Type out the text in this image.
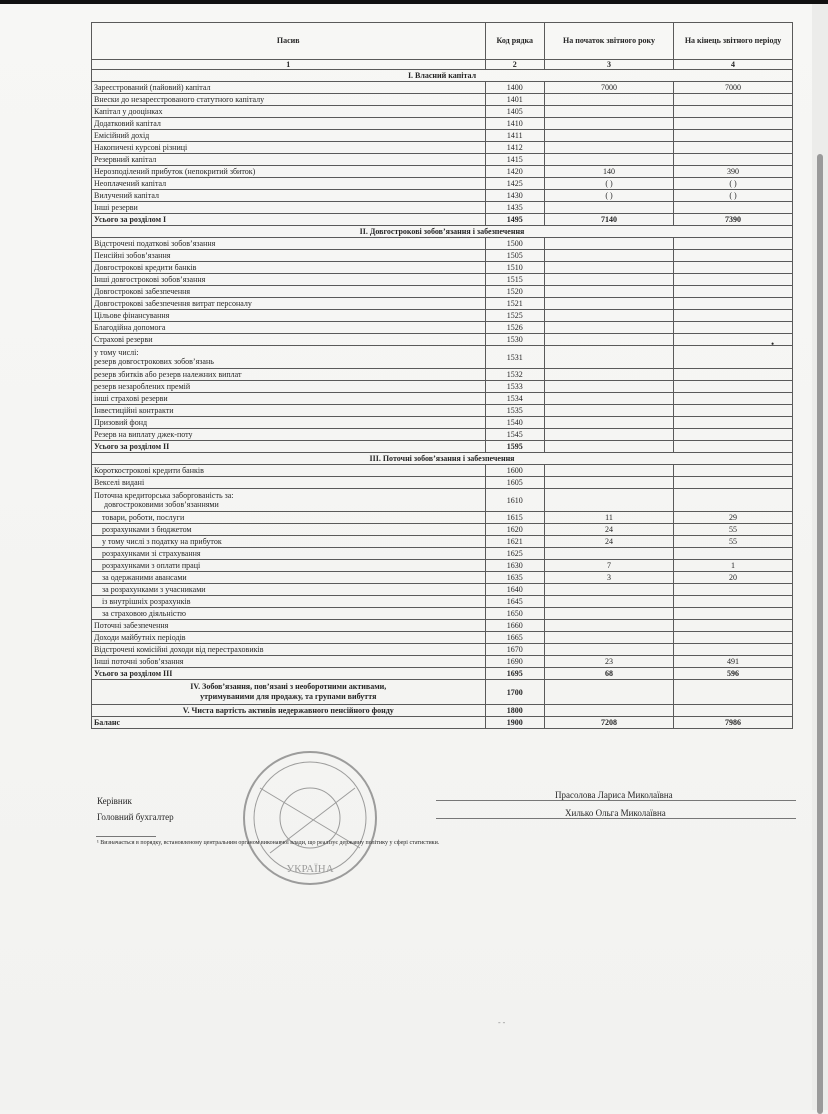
Пасив	Код рядка	На початок звітного року	На кінець звітного періоду
1	2	3	4
I. Власний капітал			
Зареєстрований (пайовий) капітал	1400	7000	7000
Внески до незареєстрованого статутного капіталу	1401		
Капітал у дооцінках	1405		
Додатковий капітал	1410		
Емісійний дохід	1411		
Накопичені курсові різниці	1412		
Резервний капітал	1415		
Нерозподілений прибуток (непокритий збиток)	1420	140	390
Неоплачений капітал	1425	( )	( )
Вилучений капітал	1430	( )	( )
Інші резерви	1435		
Усього за розділом I	1495	7140	7390
II. Довгострокові зобов’язання і забезпечення			
Відстрочені податкові зобов’язання	1500		
Пенсійні зобов’язання	1505		
Довгострокові кредити банків	1510		
Інші довгострокові зобов’язання	1515		
Довгострокові забезпечення	1520		
Довгострокові забезпечення витрат персоналу	1521		
Цільове фінансування	1525		
Благодійна допомога	1526		
Страхові резерви	1530		
у тому числі:
резерв довгострокових зобов’язань	1531		
резерв збитків або резерв належних виплат	1532		
резерв незароблених премій	1533		
інші страхові резерви	1534		
Інвестиційні контракти	1535		
Призовий фонд	1540		
Резерв на виплату джек-поту	1545		
Усього за розділом II	1595		
III. Поточні зобов’язання і забезпечення			
Короткострокові кредити банків	1600		
Векселі видані	1605		
Поточна кредиторська заборгованість за:
довгостроковими зобов’язаннями	1610		
товари, роботи, послуги	1615	11	29
розрахунками з бюджетом	1620	24	55
у тому числі з податку на прибуток	1621	24	55
розрахунками зі страхування	1625		
розрахунками з оплати праці	1630	7	1
за одержаними авансами	1635	3	20
за розрахунками з учасниками	1640		
із внутрішніх розрахунків	1645		
за страховою діяльністю	1650		
Поточні забезпечення	1660		
Доходи майбутніх періодів	1665		
Відстрочені комісійні доходи від перестраховиків	1670		
Інші поточні зобов’язання	1690	23	491
Усього за розділом III	1695	68	596
IV. Зобов’язання, пов’язані з необоротними активами,
утримуваними для продажу, та групами вибуття	1700		
V. Чиста вартість активів недержавного пенсійного фонду	1800		
Баланс	1900	7208	7986
•
УКРАЇНА
Керівник
Прасолова Лариса Миколаївна
Головний бухгалтер	Хилько Ольга Миколаївна
¹ Визначається в порядку, встановленому центральним органом виконавчої влади, що реалізує державну політику у сфері статистики.
- -
